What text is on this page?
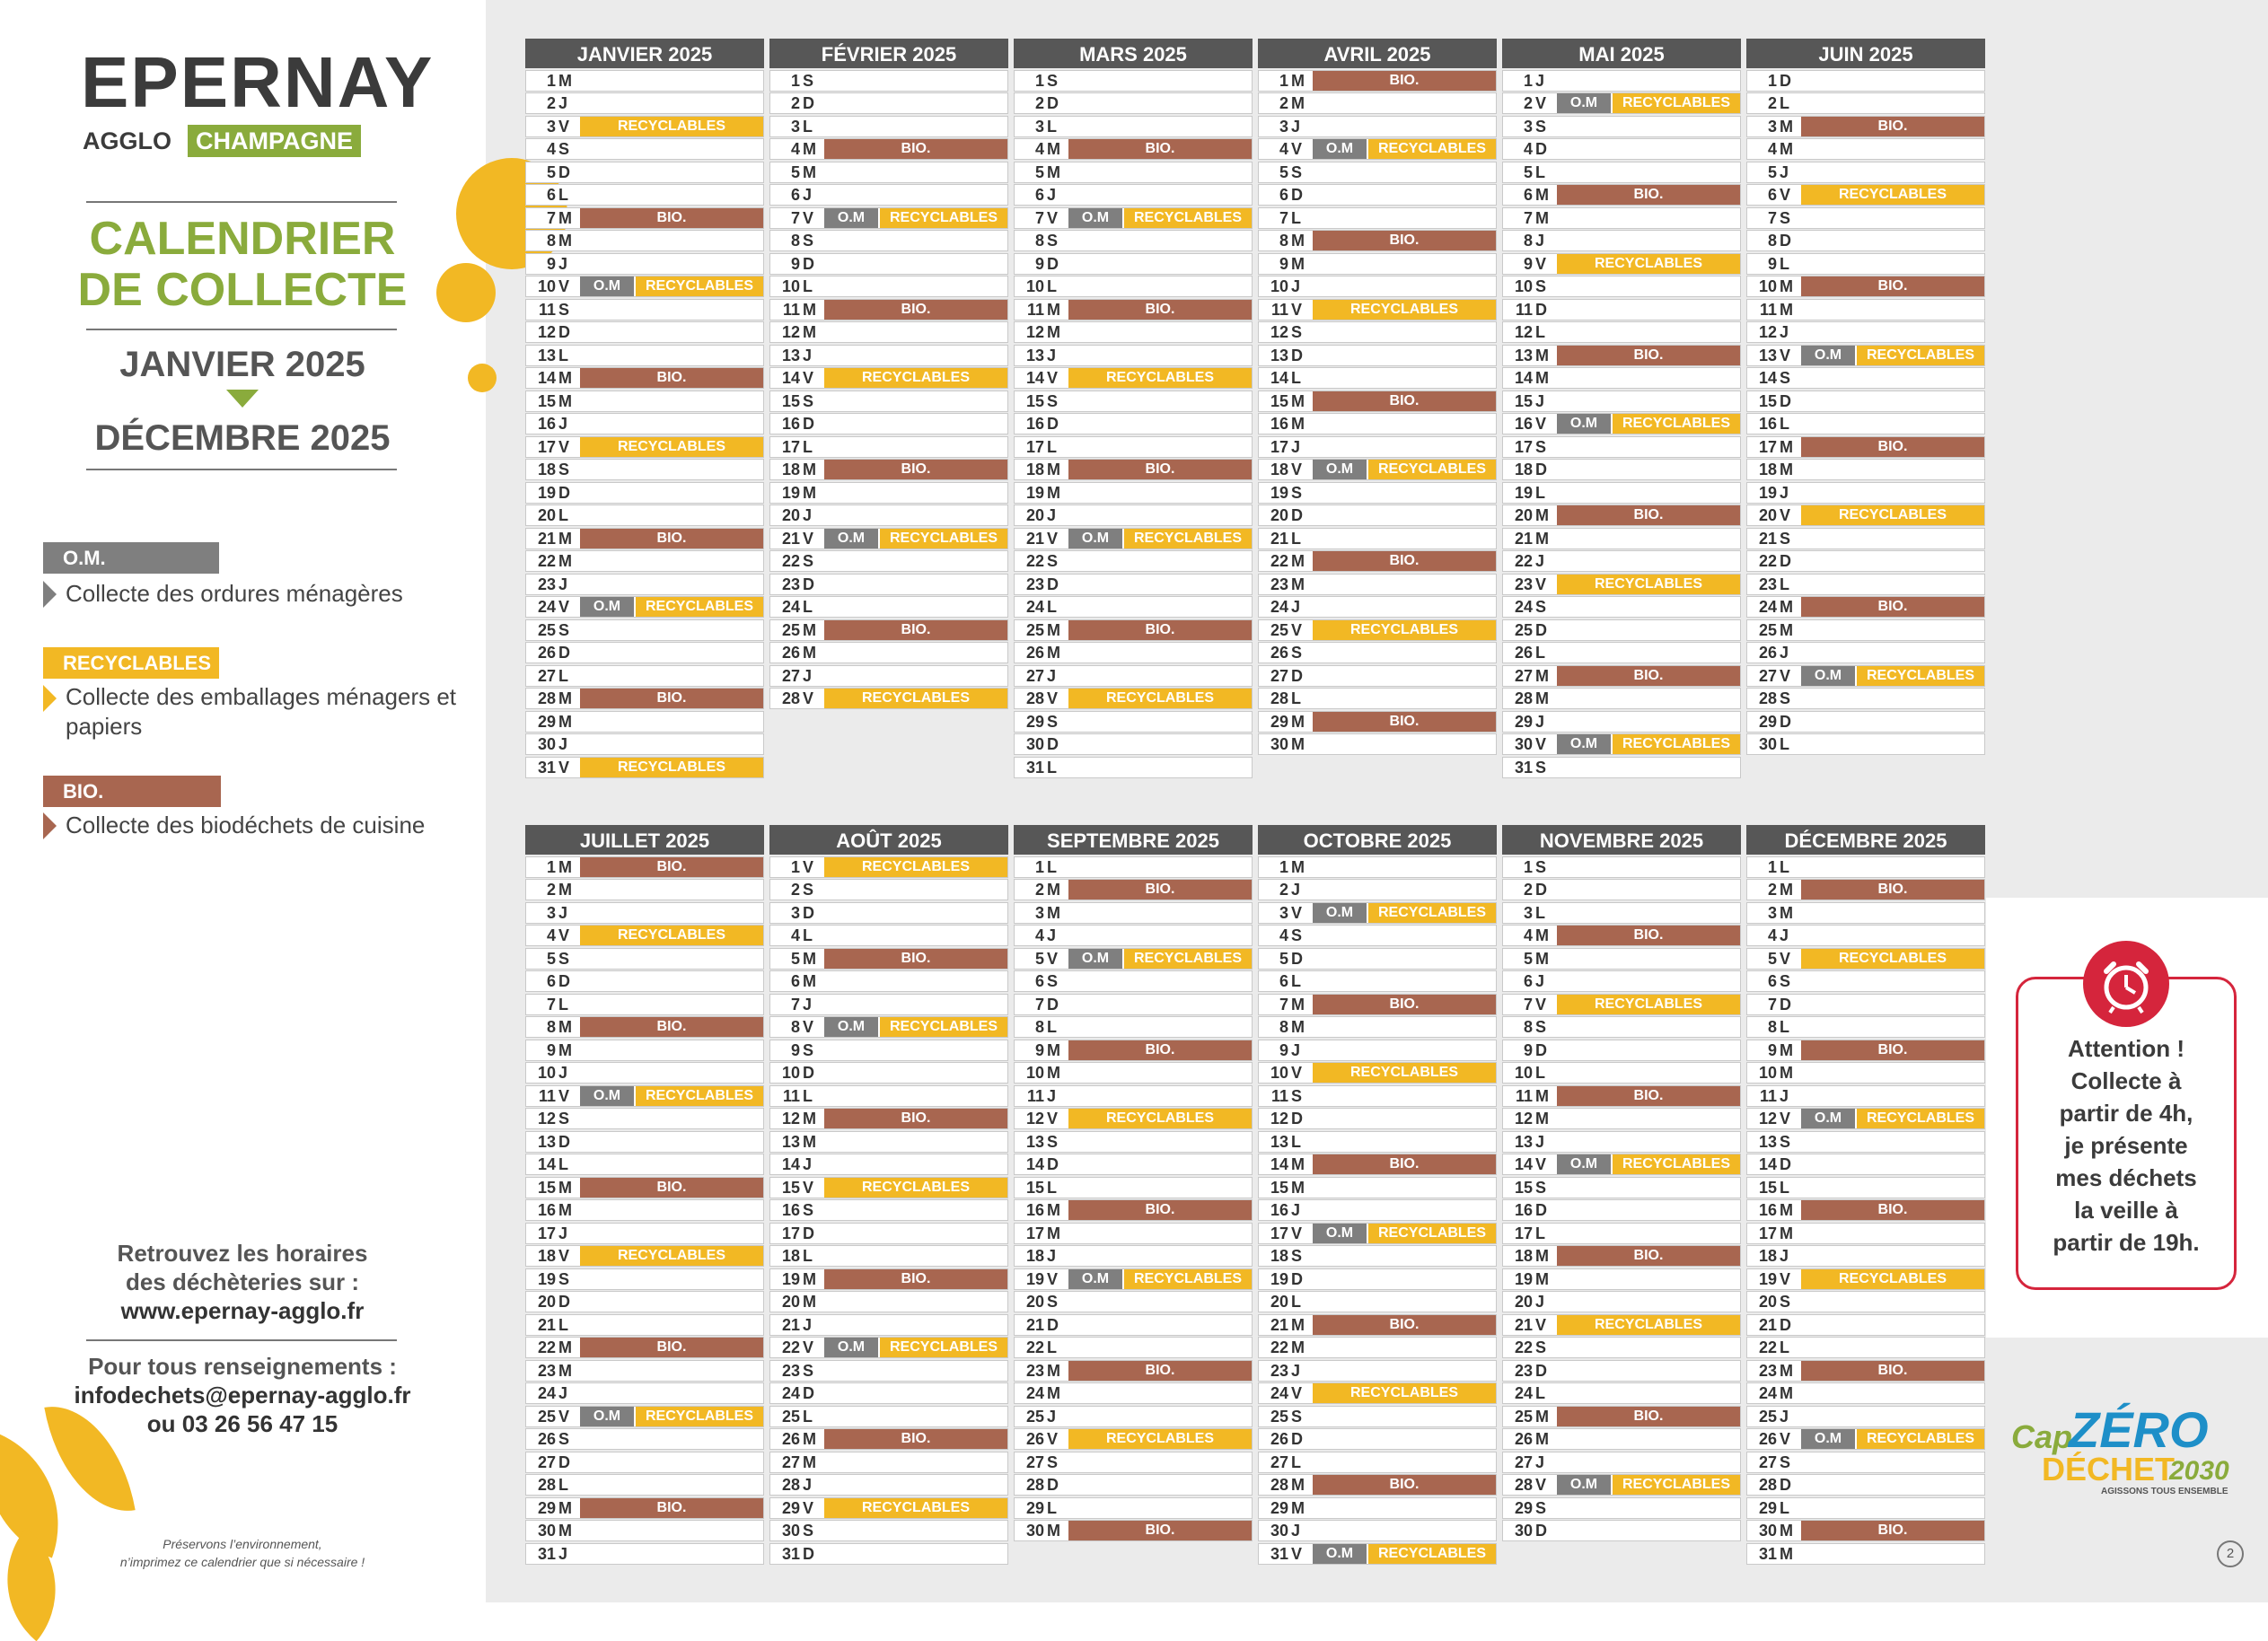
EPERNAY
AGGLO	CHAMPAGNE
CALENDRIER
DE COLLECTE
JANVIER 2025
DÉCEMBRE 2025
O.M.
Collecte des ordures ménagères
RECYCLABLES
Collecte des emballages ménagers et papiers
BIO.
Collecte des biodéchets de cuisine
Retrouvez les horaires
des déchèteries sur :
www.epernay-agglo.fr
Pour tous renseignements :
infodechets@epernay-agglo.fr
ou 03 26 56 47 15
Préservons l’environnement,
n’imprimez ce calendrier que si nécessaire !
JANVIER 2025
1 M
2 J
3 V	RECYCLABLES
4 S
5 D
6 L
7 M	BIO.
8 M
9 J
10 V	O.M	RECYCLABLES
11 S
12 D
13 L
14 M	BIO.
15 M
16 J
17 V	RECYCLABLES
18 S
19 D
20 L
21 M	BIO.
22 M
23 J
24 V	O.M	RECYCLABLES
25 S
26 D
27 L
28 M	BIO.
29 M
30 J
31 V	RECYCLABLES
FÉVRIER 2025
1 S
2 D
3 L
4 M	BIO.
5 M
6 J
7 V	O.M	RECYCLABLES
8 S
9 D
10 L
11 M	BIO.
12 M
13 J
14 V	RECYCLABLES
15 S
16 D
17 L
18 M	BIO.
19 M
20 J
21 V	O.M	RECYCLABLES
22 S
23 D
24 L
25 M	BIO.
26 M
27 J
28 V	RECYCLABLES
MARS 2025
1 S
2 D
3 L
4 M	BIO.
5 M
6 J
7 V	O.M	RECYCLABLES
8 S
9 D
10 L
11 M	BIO.
12 M
13 J
14 V	RECYCLABLES
15 S
16 D
17 L
18 M	BIO.
19 M
20 J
21 V	O.M	RECYCLABLES
22 S
23 D
24 L
25 M	BIO.
26 M
27 J
28 V	RECYCLABLES
29 S
30 D
31 L
AVRIL 2025
1 M	BIO.
2 M
3 J
4 V	O.M	RECYCLABLES
5 S
6 D
7 L
8 M	BIO.
9 M
10 J
11 V	RECYCLABLES
12 S
13 D
14 L
15 M	BIO.
16 M
17 J
18 V	O.M	RECYCLABLES
19 S
20 D
21 L
22 M	BIO.
23 M
24 J
25 V	RECYCLABLES
26 S
27 D
28 L
29 M	BIO.
30 M
MAI 2025
1 J
2 V	O.M	RECYCLABLES
3 S
4 D
5 L
6 M	BIO.
7 M
8 J
9 V	RECYCLABLES
10 S
11 D
12 L
13 M	BIO.
14 M
15 J
16 V	O.M	RECYCLABLES
17 S
18 D
19 L
20 M	BIO.
21 M
22 J
23 V	RECYCLABLES
24 S
25 D
26 L
27 M	BIO.
28 M
29 J
30 V	O.M	RECYCLABLES
31 S
JUIN 2025
1 D
2 L
3 M	BIO.
4 M
5 J
6 V	RECYCLABLES
7 S
8 D
9 L
10 M	BIO.
11 M
12 J
13 V	O.M	RECYCLABLES
14 S
15 D
16 L
17 M	BIO.
18 M
19 J
20 V	RECYCLABLES
21 S
22 D
23 L
24 M	BIO.
25 M
26 J
27 V	O.M	RECYCLABLES
28 S
29 D
30 L
JUILLET 2025
1 M	BIO.
2 M
3 J
4 V	RECYCLABLES
5 S
6 D
7 L
8 M	BIO.
9 M
10 J
11 V	O.M	RECYCLABLES
12 S
13 D
14 L
15 M	BIO.
16 M
17 J
18 V	RECYCLABLES
19 S
20 D
21 L
22 M	BIO.
23 M
24 J
25 V	O.M	RECYCLABLES
26 S
27 D
28 L
29 M	BIO.
30 M
31 J
AOÛT 2025
1 V	RECYCLABLES
2 S
3 D
4 L
5 M	BIO.
6 M
7 J
8 V	O.M	RECYCLABLES
9 S
10 D
11 L
12 M	BIO.
13 M
14 J
15 V	RECYCLABLES
16 S
17 D
18 L
19 M	BIO.
20 M
21 J
22 V	O.M	RECYCLABLES
23 S
24 D
25 L
26 M	BIO.
27 M
28 J
29 V	RECYCLABLES
30 S
31 D
SEPTEMBRE 2025
1 L
2 M	BIO.
3 M
4 J
5 V	O.M	RECYCLABLES
6 S
7 D
8 L
9 M	BIO.
10 M
11 J
12 V	RECYCLABLES
13 S
14 D
15 L
16 M	BIO.
17 M
18 J
19 V	O.M	RECYCLABLES
20 S
21 D
22 L
23 M	BIO.
24 M
25 J
26 V	RECYCLABLES
27 S
28 D
29 L
30 M	BIO.
OCTOBRE 2025
1 M
2 J
3 V	O.M	RECYCLABLES
4 S
5 D
6 L
7 M	BIO.
8 M
9 J
10 V	RECYCLABLES
11 S
12 D
13 L
14 M	BIO.
15 M
16 J
17 V	O.M	RECYCLABLES
18 S
19 D
20 L
21 M	BIO.
22 M
23 J
24 V	RECYCLABLES
25 S
26 D
27 L
28 M	BIO.
29 M
30 J
31 V	O.M	RECYCLABLES
NOVEMBRE 2025
1 S
2 D
3 L
4 M	BIO.
5 M
6 J
7 V	RECYCLABLES
8 S
9 D
10 L
11 M	BIO.
12 M
13 J
14 V	O.M	RECYCLABLES
15 S
16 D
17 L
18 M	BIO.
19 M
20 J
21 V	RECYCLABLES
22 S
23 D
24 L
25 M	BIO.
26 M
27 J
28 V	O.M	RECYCLABLES
29 S
30 D
DÉCEMBRE 2025
1 L
2 M	BIO.
3 M
4 J
5 V	RECYCLABLES
6 S
7 D
8 L
9 M	BIO.
10 M
11 J
12 V	O.M	RECYCLABLES
13 S
14 D
15 L
16 M	BIO.
17 M
18 J
19 V	RECYCLABLES
20 S
21 D
22 L
23 M	BIO.
24 M
25 J
26 V	O.M	RECYCLABLES
27 S
28 D
29 L
30 M	BIO.
31 M
Attention !
Collecte à
partir de 4h,
je présente
mes déchets
la veille à
partir de 19h.
Cap
ZÉRO
DÉCHET
2030
AGISSONS TOUS ENSEMBLE
2
